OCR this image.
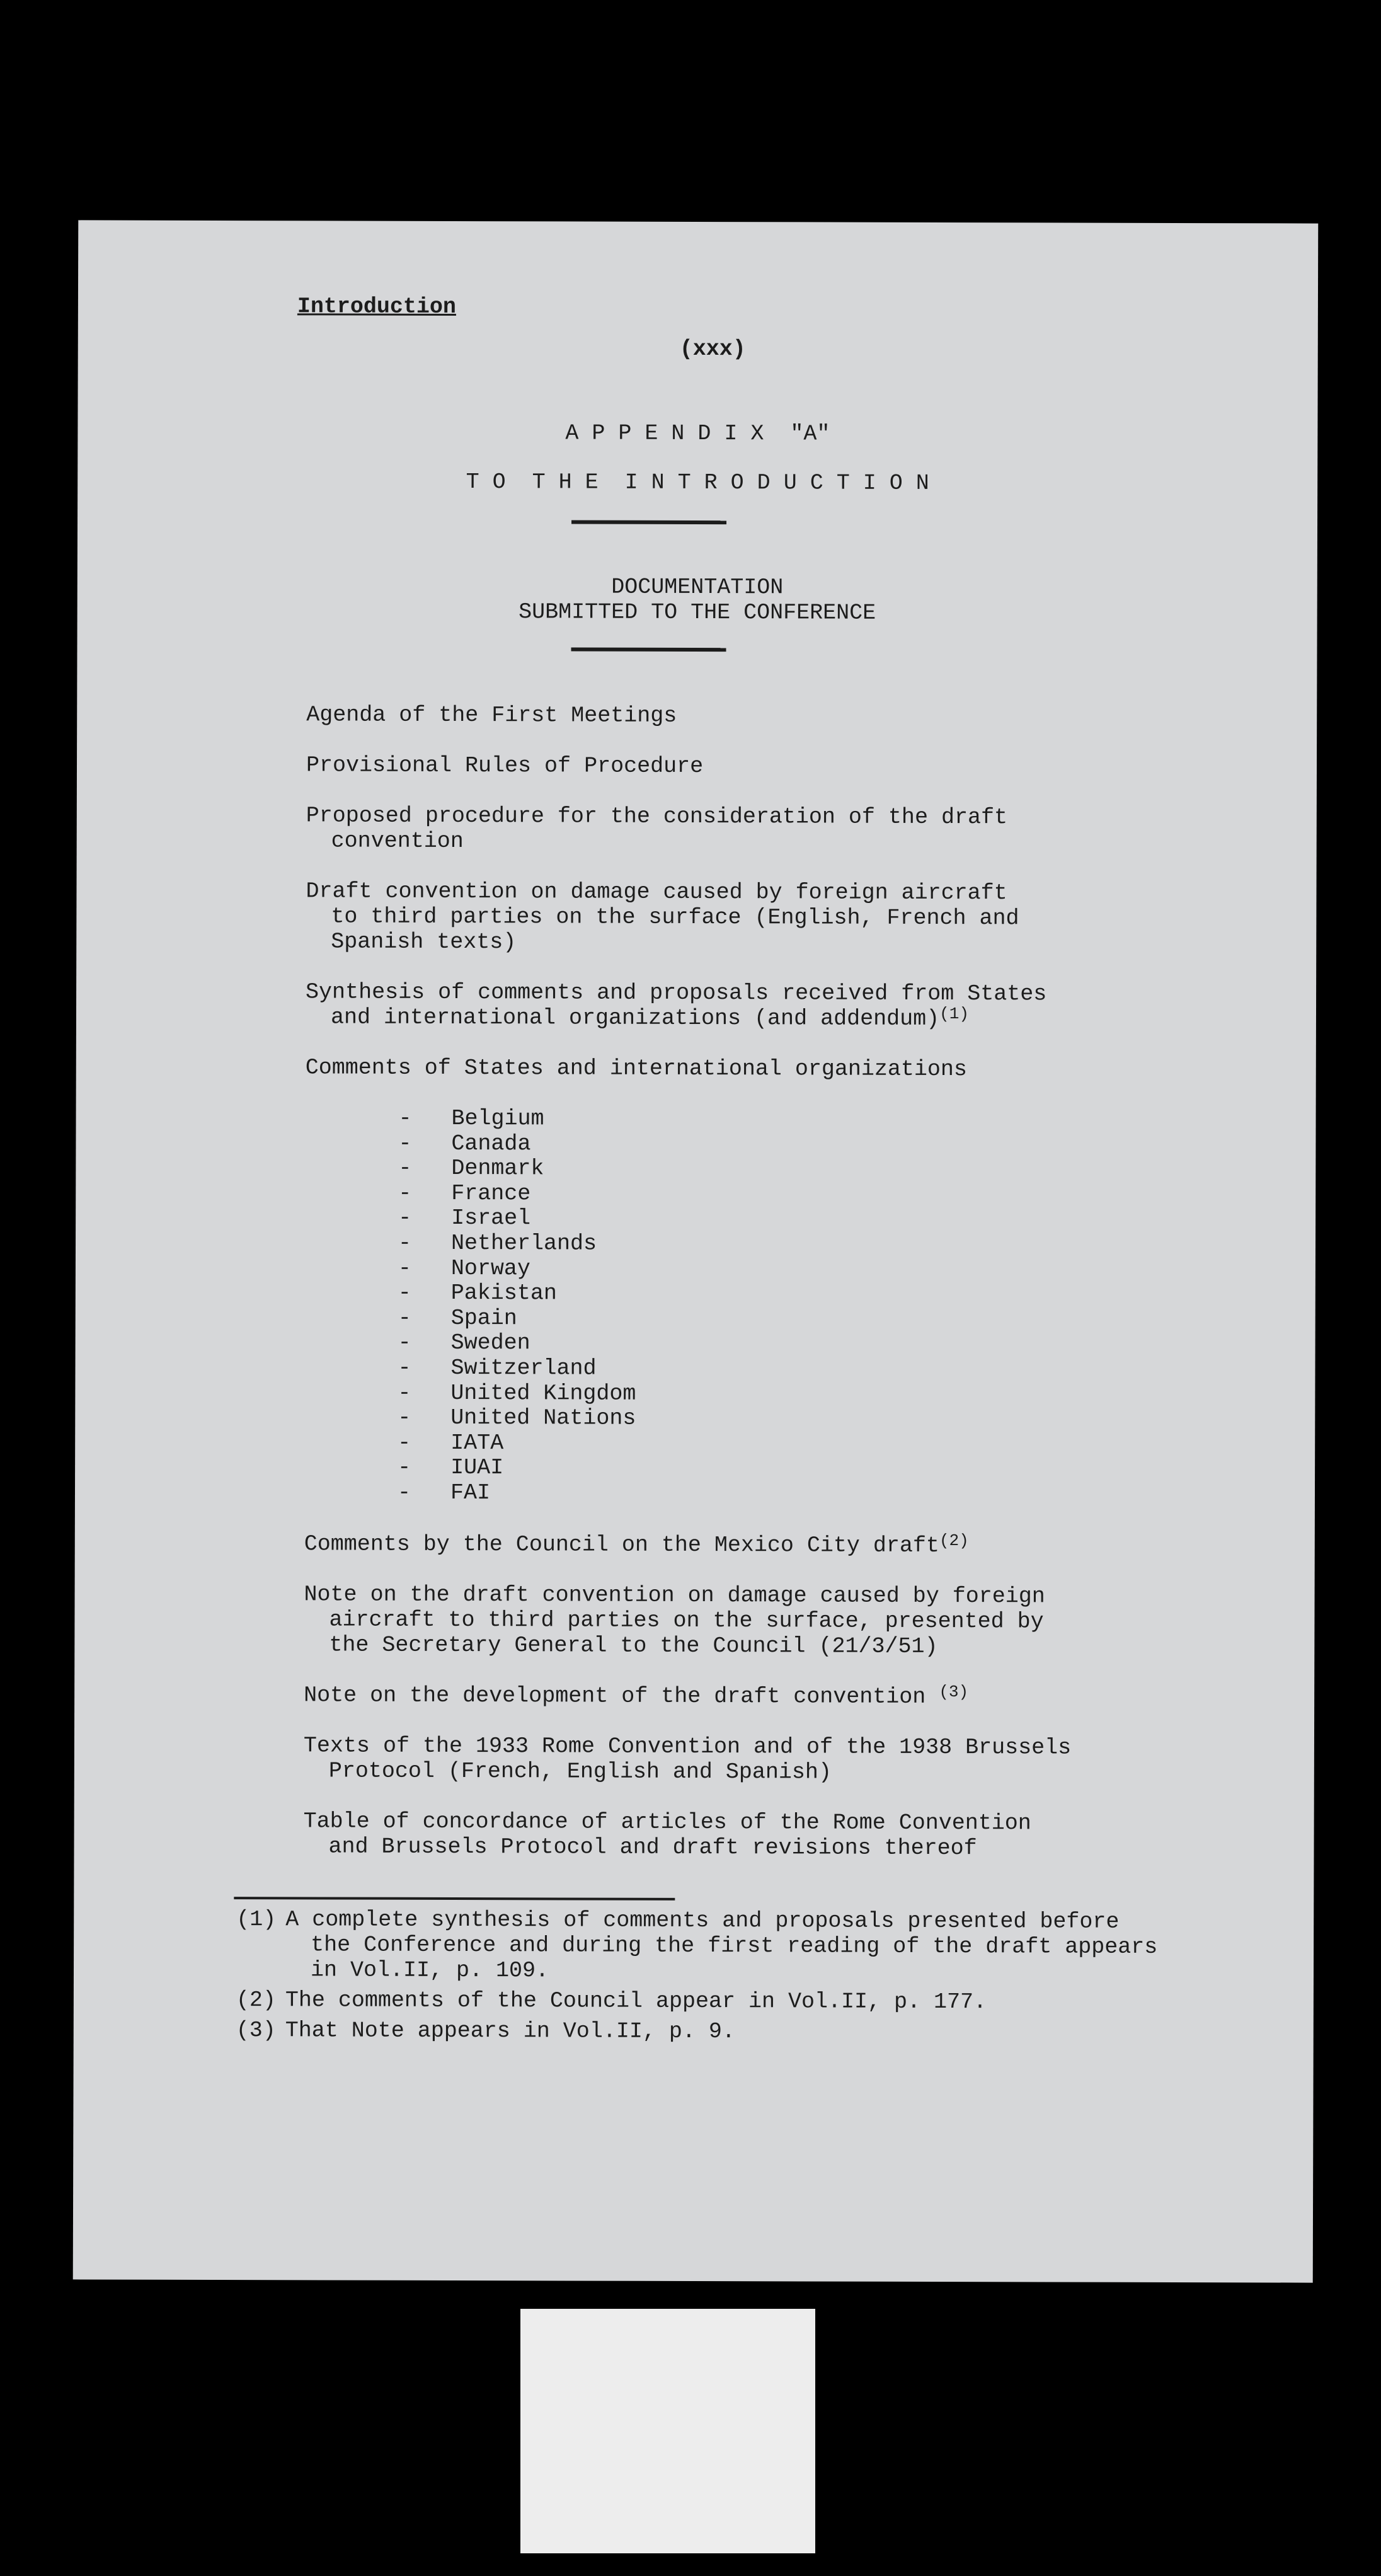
Introduction
(xxx)
A P P E N D I X  "A"
T O  T H E  I N T R O D U C T I O N
DOCUMENTATION
SUBMITTED TO THE CONFERENCE
Agenda of the First Meetings
Provisional Rules of Procedure
Proposed procedure for the consideration of the draft
convention
Draft convention on damage caused by foreign aircraft
to third parties on the surface (English, French and
Spanish texts)
Synthesis of comments and proposals received from States
and international organizations (and addendum)$^{(1)}$
Comments of States and international organizations
- Belgium
- Canada
- Denmark
- France
- Israel
- Netherlands
- Norway
- Pakistan
- Spain
- Sweden
- Switzerland
- United Kingdom
- United Nations
- IATA
- IUAI
- FAI
Comments by the Council on the Mexico City draft$^{(2)}$
Note on the draft convention on damage caused by foreign
aircraft to third parties on the surface, presented by
the Secretary General to the Council (21/3/51)
Note on the development of the draft convention $^{(3)}$
Texts of the 1933 Rome Convention and of the 1938 Brussels
Protocol (French, English and Spanish)
Table of concordance of articles of the Rome Convention
and Brussels Protocol and draft revisions thereof
(1) A complete synthesis of comments and proposals presented before
the Conference and during the first reading of the draft appears
in Vol.II, p. 109.
(2) The comments of the Council appear in Vol.II, p. 177.
(3) That Note appears in Vol.II, p. 9.
